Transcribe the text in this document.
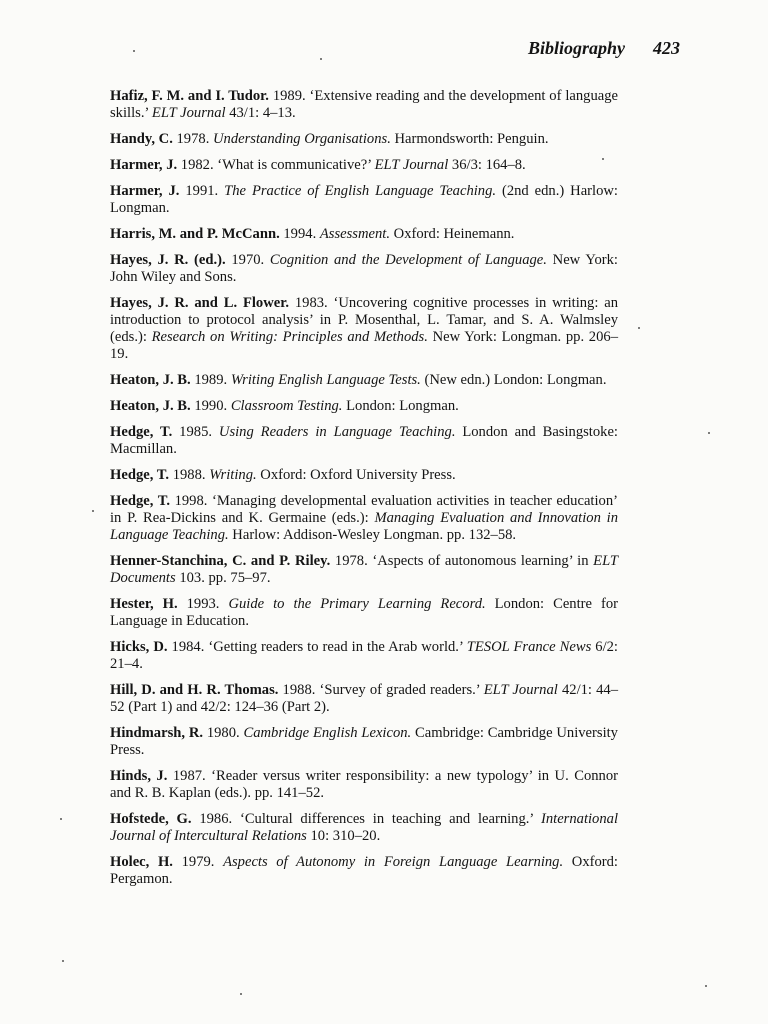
Bibliography 423

Hafiz, F. M. and I. Tudor. 1989. ‘Extensive reading and the development of language skills.’ ELT Journal 43/1: 4–13.

Handy, C. 1978. Understanding Organisations. Harmondsworth: Penguin.

Harmer, J. 1982. ‘What is communicative?’ ELT Journal 36/3: 164–8.

Harmer, J. 1991. The Practice of English Language Teaching. (2nd edn.) Harlow: Longman.

Harris, M. and P. McCann. 1994. Assessment. Oxford: Heinemann.

Hayes, J. R. (ed.). 1970. Cognition and the Development of Language. New York: John Wiley and Sons.

Hayes, J. R. and L. Flower. 1983. ‘Uncovering cognitive processes in writing: an introduction to protocol analysis’ in P. Mosenthal, L. Tamar, and S. A. Walmsley (eds.): Research on Writing: Principles and Methods. New York: Longman. pp. 206–19.

Heaton, J. B. 1989. Writing English Language Tests. (New edn.) London: Longman.

Heaton, J. B. 1990. Classroom Testing. London: Longman.

Hedge, T. 1985. Using Readers in Language Teaching. London and Basingstoke: Macmillan.

Hedge, T. 1988. Writing. Oxford: Oxford University Press.

Hedge, T. 1998. ‘Managing developmental evaluation activities in teacher education’ in P. Rea-Dickins and K. Germaine (eds.): Managing Evaluation and Innovation in Language Teaching. Harlow: Addison-Wesley Longman. pp. 132–58.

Henner-Stanchina, C. and P. Riley. 1978. ‘Aspects of autonomous learning’ in ELT Documents 103. pp. 75–97.

Hester, H. 1993. Guide to the Primary Learning Record. London: Centre for Language in Education.

Hicks, D. 1984. ‘Getting readers to read in the Arab world.’ TESOL France News 6/2: 21–4.

Hill, D. and H. R. Thomas. 1988. ‘Survey of graded readers.’ ELT Journal 42/1: 44–52 (Part 1) and 42/2: 124–36 (Part 2).

Hindmarsh, R. 1980. Cambridge English Lexicon. Cambridge: Cambridge University Press.

Hinds, J. 1987. ‘Reader versus writer responsibility: a new typology’ in U. Connor and R. B. Kaplan (eds.). pp. 141–52.

Hofstede, G. 1986. ‘Cultural differences in teaching and learning.’ International Journal of Intercultural Relations 10: 310–20.

Holec, H. 1979. Aspects of Autonomy in Foreign Language Learning. Oxford: Pergamon.
